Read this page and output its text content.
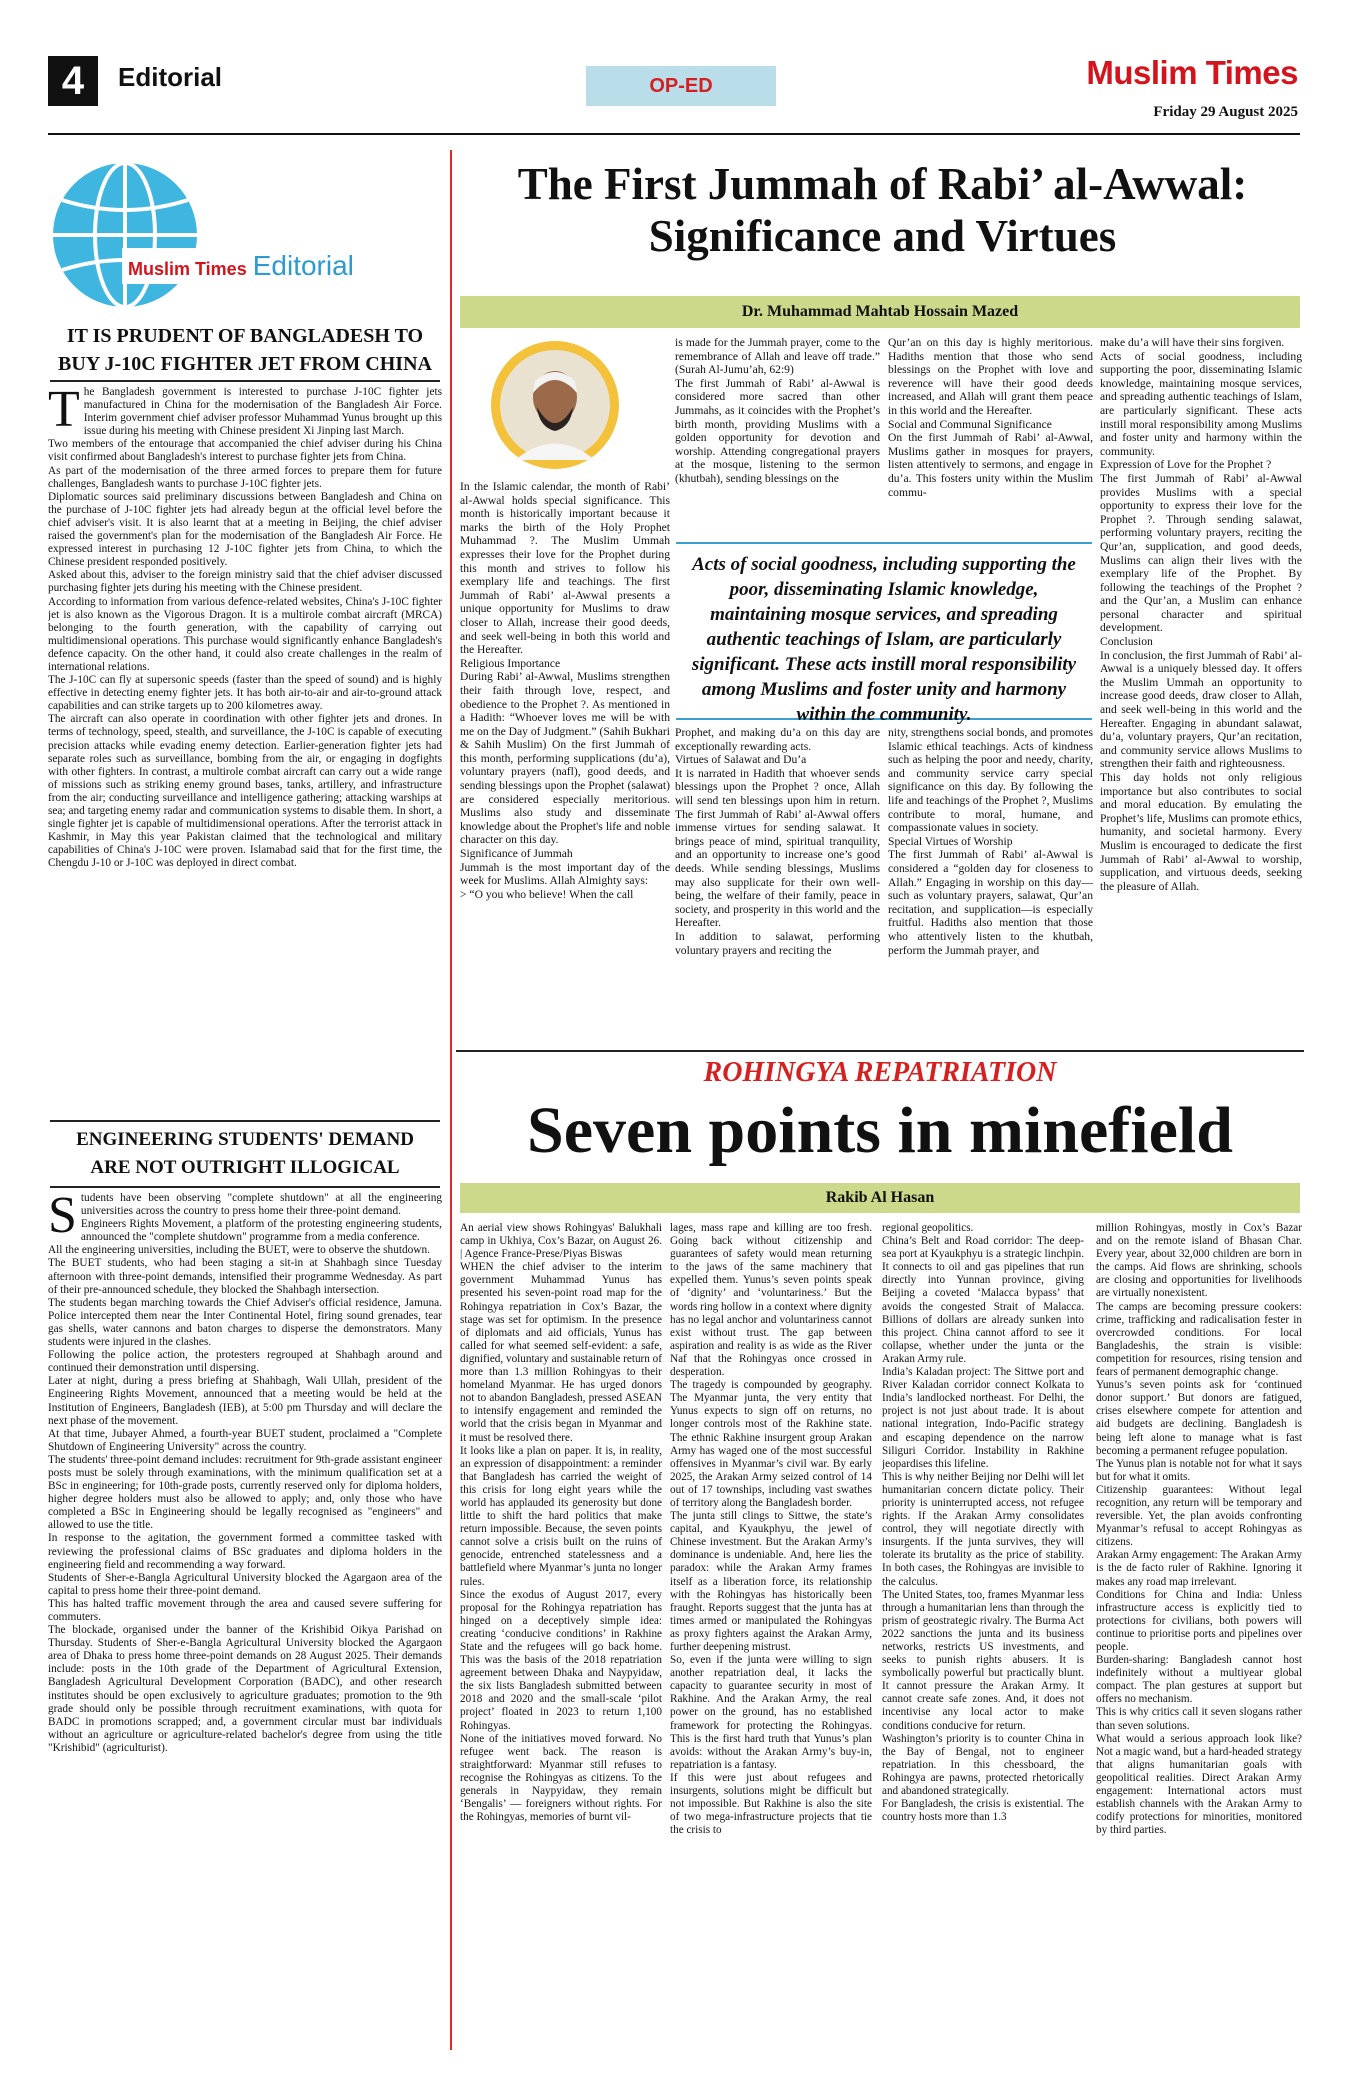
4	Editorial	OP-ED	Muslim Times
Friday 29 August 2025
Muslim Times Editorial
IT IS PRUDENT OF BANGLADESH TO
BUY J-10C FIGHTER JET FROM CHINA
T he Bangladesh government is interested to purchase J-10C fighter jets manufactured in China for the modernisation of the Bangladesh Air Force. Interim government chief adviser professor Muhammad Yunus brought up this issue during his meeting with Chinese president Xi Jinping last March.
Two members of the entourage that accompanied the chief adviser during his China visit confirmed about Bangladesh's interest to purchase fighter jets from China.
As part of the modernisation of the three armed forces to prepare them for future challenges, Bangladesh wants to purchase J-10C fighter jets.
Diplomatic sources said preliminary discussions between Bangladesh and China on the purchase of J-10C fighter jets had already begun at the official level before the chief adviser's visit. It is also learnt that at a meeting in Beijing, the chief adviser raised the government's plan for the modernisation of the Bangladesh Air Force. He expressed interest in purchasing 12 J-10C fighter jets from China, to which the Chinese president responded positively.
Asked about this, adviser to the foreign ministry said that the chief adviser discussed purchasing fighter jets during his meeting with the Chinese president.
According to information from various defence-related websites, China's J-10C fighter jet is also known as the Vigorous Dragon. It is a multirole combat aircraft (MRCA) belonging to the fourth generation, with the capability of carrying out multidimensional operations. This purchase would significantly enhance Bangladesh's defence capacity. On the other hand, it could also create challenges in the realm of international relations.
The J-10C can fly at supersonic speeds (faster than the speed of sound) and is highly effective in detecting enemy fighter jets. It has both air-to-air and air-to-ground attack capabilities and can strike targets up to 200 kilometres away.
The aircraft can also operate in coordination with other fighter jets and drones. In terms of technology, speed, stealth, and surveillance, the J-10C is capable of executing precision attacks while evading enemy detection. Earlier-generation fighter jets had separate roles such as surveillance, bombing from the air, or engaging in dogfights with other fighters. In contrast, a multirole combat aircraft can carry out a wide range of missions such as striking enemy ground bases, tanks, artillery, and infrastructure from the air; conducting surveillance and intelligence gathering; attacking warships at sea; and targeting enemy radar and communication systems to disable them. In short, a single fighter jet is capable of multidimensional operations. After the terrorist attack in Kashmir, in May this year Pakistan claimed that the technological and military capabilities of China's J-10C were proven. Islamabad said that for the first time, the Chengdu J-10 or J-10C was deployed in direct combat.
ENGINEERING STUDENTS' DEMAND
ARE NOT OUTRIGHT ILLOGICAL
S tudents have been observing "complete shutdown" at all the engineering universities across the country to press home their three-point demand.
Engineers Rights Movement, a platform of the protesting engineering students, announced the "complete shutdown" programme from a media conference.
All the engineering universities, including the BUET, were to observe the shutdown.
The BUET students, who had been staging a sit-in at Shahbagh since Tuesday afternoon with three-point demands, intensified their programme Wednesday. As part of their pre-announced schedule, they blocked the Shahbagh intersection.
The students began marching towards the Chief Adviser's official residence, Jamuna. Police intercepted them near the Inter Continental Hotel, firing sound grenades, tear gas shells, water cannons and baton charges to disperse the demonstrators. Many students were injured in the clashes.
Following the police action, the protesters regrouped at Shahbagh around and continued their demonstration until dispersing.
Later at night, during a press briefing at Shahbagh, Wali Ullah, president of the Engineering Rights Movement, announced that a meeting would be held at the Institution of Engineers, Bangladesh (IEB), at 5:00 pm Thursday and will declare the next phase of the movement.
At that time, Jubayer Ahmed, a fourth-year BUET student, proclaimed a "Complete Shutdown of Engineering University" across the country.
The students' three-point demand includes: recruitment for 9th-grade assistant engineer posts must be solely through examinations, with the minimum qualification set at a BSc in engineering; for 10th-grade posts, currently reserved only for diploma holders, higher degree holders must also be allowed to apply; and, only those who have completed a BSc in Engineering should be legally recognised as "engineers" and allowed to use the title.
In response to the agitation, the government formed a committee tasked with reviewing the professional claims of BSc graduates and diploma holders in the engineering field and recommending a way forward.
Students of Sher-e-Bangla Agricultural University blocked the Agargaon area of the capital to press home their three-point demand.
This has halted traffic movement through the area and caused severe suffering for commuters.
The blockade, organised under the banner of the Krishibid Oikya Parishad on Thursday. Students of Sher-e-Bangla Agricultural University blocked the Agargaon area of Dhaka to press home three-point demands on 28 August 2025. Their demands include: posts in the 10th grade of the Department of Agricultural Extension, Bangladesh Agricultural Development Corporation (BADC), and other research institutes should be open exclusively to agriculture graduates; promotion to the 9th grade should only be possible through recruitment examinations, with quota for BADC in promotions scrapped; and, a government circular must bar individuals without an agriculture or agriculture-related bachelor's degree from using the title "Krishibid" (agriculturist).
The First Jummah of Rabi’ al-Awwal:
Significance and Virtues
Dr. Muhammad Mahtab Hossain Mazed
In the Islamic calendar, the month of Rabi’ al-Awwal holds special significance. This month is historically important because it marks the birth of the Holy Prophet Muhammad ?. The Muslim Ummah expresses their love for the Prophet during this month and strives to follow his exemplary life and teachings. The first Jummah of Rabi’ al-Awwal presents a unique opportunity for Muslims to draw closer to Allah, increase their good deeds, and seek well-being in both this world and the Hereafter.
Religious Importance
During Rabi’ al-Awwal, Muslims strengthen their faith through love, respect, and obedience to the Prophet ?. As mentioned in a Hadith: “Whoever loves me will be with me on the Day of Judgment.” (Sahih Bukhari & Sahih Muslim) On the first Jummah of this month, performing supplications (du’a), voluntary prayers (nafl), good deeds, and sending blessings upon the Prophet (salawat) are considered especially meritorious. Muslims also study and disseminate knowledge about the Prophet's life and noble character on this day.
Significance of Jummah
Jummah is the most important day of the week for Muslims. Allah Almighty says:
> “O you who believe! When the call
is made for the Jummah prayer, come to the remembrance of Allah and leave off trade.” (Surah Al-Jumu’ah, 62:9)
The first Jummah of Rabi’ al-Awwal is considered more sacred than other Jummahs, as it coincides with the Prophet’s birth month, providing Muslims with a golden opportunity for devotion and worship. Attending congregational prayers at the mosque, listening to the sermon (khutbah), sending blessings on the
Qur’an on this day is highly meritorious. Hadiths mention that those who send blessings on the Prophet with love and reverence will have their good deeds increased, and Allah will grant them peace in this world and the Hereafter.
Social and Communal Significance
On the first Jummah of Rabi’ al-Awwal, Muslims gather in mosques for prayers, listen attentively to sermons, and engage in du’a. This fosters unity within the Muslim commu-
Acts of social goodness, including supporting the poor, disseminating Islamic knowledge, maintaining mosque services, and spreading authentic teachings of Islam, are particularly significant. These acts instill moral responsibility among Muslims and foster unity and harmony within the community.
Prophet, and making du’a on this day are exceptionally rewarding acts.
Virtues of Salawat and Du’a
It is narrated in Hadith that whoever sends blessings upon the Prophet ? once, Allah will send ten blessings upon him in return. The first Jummah of Rabi’ al-Awwal offers immense virtues for sending salawat. It brings peace of mind, spiritual tranquility, and an opportunity to increase one’s good deeds. While sending blessings, Muslims may also supplicate for their own well-being, the welfare of their family, peace in society, and prosperity in this world and the Hereafter.
In addition to salawat, performing voluntary prayers and reciting the
nity, strengthens social bonds, and promotes Islamic ethical teachings. Acts of kindness such as helping the poor and needy, charity, and community service carry special significance on this day. By following the life and teachings of the Prophet ?, Muslims contribute to moral, humane, and compassionate values in society.
Special Virtues of Worship
The first Jummah of Rabi’ al-Awwal is considered a “golden day for closeness to Allah.” Engaging in worship on this day—such as voluntary prayers, salawat, Qur’an recitation, and supplication—is especially fruitful. Hadiths also mention that those who attentively listen to the khutbah, perform the Jummah prayer, and
make du’a will have their sins forgiven.
Acts of social goodness, including supporting the poor, disseminating Islamic knowledge, maintaining mosque services, and spreading authentic teachings of Islam, are particularly significant. These acts instill moral responsibility among Muslims and foster unity and harmony within the community.
Expression of Love for the Prophet ?
The first Jummah of Rabi’ al-Awwal provides Muslims with a special opportunity to express their love for the Prophet ?. Through sending salawat, performing voluntary prayers, reciting the Qur’an, supplication, and good deeds, Muslims can align their lives with the exemplary life of the Prophet. By following the teachings of the Prophet ? and the Qur’an, a Muslim can enhance personal character and spiritual development.
Conclusion
In conclusion, the first Jummah of Rabi’ al-Awwal is a uniquely blessed day. It offers the Muslim Ummah an opportunity to increase good deeds, draw closer to Allah, and seek well-being in this world and the Hereafter. Engaging in abundant salawat, du’a, voluntary prayers, Qur’an recitation, and community service allows Muslims to strengthen their faith and righteousness.
This day holds not only religious importance but also contributes to social and moral education. By emulating the Prophet’s life, Muslims can promote ethics, humanity, and societal harmony. Every Muslim is encouraged to dedicate the first Jummah of Rabi’ al-Awwal to worship, supplication, and virtuous deeds, seeking the pleasure of Allah.
ROHINGYA REPATRIATION
Seven points in minefield
Rakib Al Hasan
An aerial view shows Rohingyas' Balukhali camp in Ukhiya, Cox’s Bazar, on August 26. | Agence France-Prese/Piyas Biswas
WHEN the chief adviser to the interim government Muhammad Yunus has presented his seven-point road map for the Rohingya repatriation in Cox’s Bazar, the stage was set for optimism. In the presence of diplomats and aid officials, Yunus has called for what seemed self-evident: a safe, dignified, voluntary and sustainable return of more than 1.3 million Rohingyas to their homeland Myanmar. He has urged donors not to abandon Bangladesh, pressed ASEAN to intensify engagement and reminded the world that the crisis began in Myanmar and it must be resolved there.
It looks like a plan on paper. It is, in reality, an expression of disappointment: a reminder that Bangladesh has carried the weight of this crisis for long eight years while the world has applauded its generosity but done little to shift the hard politics that make return impossible. Because, the seven points cannot solve a crisis built on the ruins of genocide, entrenched statelessness and a battlefield where Myanmar’s junta no longer rules.
Since the exodus of August 2017, every proposal for the Rohingya repatriation has hinged on a deceptively simple idea: creating ‘conducive conditions’ in Rakhine State and the refugees will go back home. This was the basis of the 2018 repatriation agreement between Dhaka and Naypyidaw, the six lists Bangladesh submitted between 2018 and 2020 and the small-scale ‘pilot project’ floated in 2023 to return 1,100 Rohingyas.
None of the initiatives moved forward. No refugee went back. The reason is straightforward: Myanmar still refuses to recognise the Rohingyas as citizens. To the generals in Naypyidaw, they remain ‘Bengalis’ — foreigners without rights. For the Rohingyas, memories of burnt vil-
lages, mass rape and killing are too fresh. Going back without citizenship and guarantees of safety would mean returning to the jaws of the same machinery that expelled them. Yunus’s seven points speak of ‘dignity’ and ‘voluntariness.’ But the words ring hollow in a context where dignity has no legal anchor and voluntariness cannot exist without trust. The gap between aspiration and reality is as wide as the River Naf that the Rohingyas once crossed in desperation.
The tragedy is compounded by geography. The Myanmar junta, the very entity that Yunus expects to sign off on returns, no longer controls most of the Rakhine state. The ethnic Rakhine insurgent group Arakan Army has waged one of the most successful offensives in Myanmar’s civil war. By early 2025, the Arakan Army seized control of 14 out of 17 townships, including vast swathes of territory along the Bangladesh border.
The junta still clings to Sittwe, the state’s capital, and Kyaukphyu, the jewel of Chinese investment. But the Arakan Army’s dominance is undeniable. And, here lies the paradox: while the Arakan Army frames itself as a liberation force, its relationship with the Rohingyas has historically been fraught. Reports suggest that the junta has at times armed or manipulated the Rohingyas as proxy fighters against the Arakan Army, further deepening mistrust.
So, even if the junta were willing to sign another repatriation deal, it lacks the capacity to guarantee security in most of Rakhine. And the Arakan Army, the real power on the ground, has no established framework for protecting the Rohingyas. This is the first hard truth that Yunus’s plan avoids: without the Arakan Army’s buy-in, repatriation is a fantasy.
If this were just about refugees and insurgents, solutions might be difficult but not impossible. But Rakhine is also the site of two mega-infrastructure projects that tie the crisis to
regional geopolitics.
China’s Belt and Road corridor: The deep-sea port at Kyaukphyu is a strategic linchpin. It connects to oil and gas pipelines that run directly into Yunnan province, giving Beijing a coveted ‘Malacca bypass’ that avoids the congested Strait of Malacca. Billions of dollars are already sunken into this project. China cannot afford to see it collapse, whether under the junta or the Arakan Army rule.
India’s Kaladan project: The Sittwe port and River Kaladan corridor connect Kolkata to India’s landlocked northeast. For Delhi, the project is not just about trade. It is about national integration, Indo-Pacific strategy and escaping dependence on the narrow Siliguri Corridor. Instability in Rakhine jeopardises this lifeline.
This is why neither Beijing nor Delhi will let humanitarian concern dictate policy. Their priority is uninterrupted access, not refugee rights. If the Arakan Army consolidates control, they will negotiate directly with insurgents. If the junta survives, they will tolerate its brutality as the price of stability. In both cases, the Rohingyas are invisible to the calculus.
The United States, too, frames Myanmar less through a humanitarian lens than through the prism of geostrategic rivalry. The Burma Act 2022 sanctions the junta and its business networks, restricts US investments, and seeks to punish rights abusers. It is symbolically powerful but practically blunt. It cannot pressure the Arakan Army. It cannot create safe zones. And, it does not incentivise any local actor to make conditions conducive for return.
Washington’s priority is to counter China in the Bay of Bengal, not to engineer repatriation. In this chessboard, the Rohingya are pawns, protected rhetorically and abandoned strategically.
For Bangladesh, the crisis is existential. The country hosts more than 1.3
million Rohingyas, mostly in Cox’s Bazar and on the remote island of Bhasan Char. Every year, about 32,000 children are born in the camps. Aid flows are shrinking, schools are closing and opportunities for livelihoods are virtually nonexistent.
The camps are becoming pressure cookers: crime, trafficking and radicalisation fester in overcrowded conditions. For local Bangladeshis, the strain is visible: competition for resources, rising tension and fears of permanent demographic change.
Yunus’s seven points ask for ‘continued donor support.’ But donors are fatigued, crises elsewhere compete for attention and aid budgets are declining. Bangladesh is being left alone to manage what is fast becoming a permanent refugee population.
The Yunus plan is notable not for what it says but for what it omits.
Citizenship guarantees: Without legal recognition, any return will be temporary and reversible. Yet, the plan avoids confronting Myanmar’s refusal to accept Rohingyas as citizens.
Arakan Army engagement: The Arakan Army is the de facto ruler of Rakhine. Ignoring it makes any road map irrelevant.
Conditions for China and India: Unless infrastructure access is explicitly tied to protections for civilians, both powers will continue to prioritise ports and pipelines over people.
Burden-sharing: Bangladesh cannot host indefinitely without a multiyear global compact. The plan gestures at support but offers no mechanism.
This is why critics call it seven slogans rather than seven solutions.
What would a serious approach look like? Not a magic wand, but a hard-headed strategy that aligns humanitarian goals with geopolitical realities. Direct Arakan Army engagement: International actors must establish channels with the Arakan Army to codify protections for minorities, monitored by third parties.
